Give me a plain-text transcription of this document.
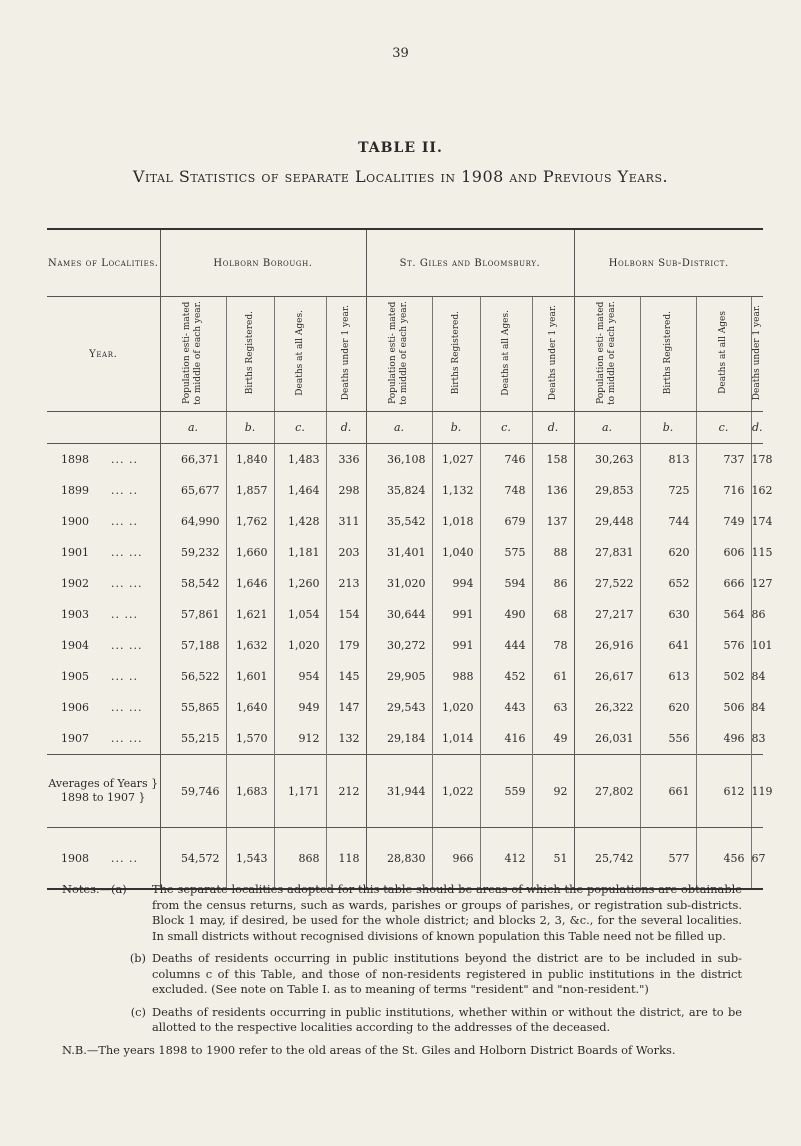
39
TABLE II.
Vital Statistics of separate Localities in 1908 and Previous Years.

Names of Localities.	Holborn Borough.				St. Giles and Bloomsbury.				Holborn Sub-District.			
Year.	Population esti- mated to middle of each year.	Births Registered.	Deaths at all Ages.	Deaths under 1 year.	Population esti- mated to middle of each year.	Births Registered.	Deaths at all Ages.	Deaths under 1 year.	Population esti- mated to middle of each year.	Births Registered.	Deaths at all Ages	Deaths under 1 year.
	a.	b.	c.	d.	a.	b.	c.	d.	a.	b.	c.	d.
1898 ... ..	66,371	1,840	1,483	336	36,108	1,027	746	158	30,263	813	737	178
1899 ... ..	65,677	1,857	1,464	298	35,824	1,132	748	136	29,853	725	716	162
1900 ... ..	64,990	1,762	1,428	311	35,542	1,018	679	137	29,448	744	749	174
1901 ... ...	59,232	1,660	1,181	203	31,401	1,040	575	88	27,831	620	606	115
1902 ... ...	58,542	1,646	1,260	213	31,020	994	594	86	27,522	652	666	127
1903 .. ...	57,861	1,621	1,054	154	30,644	991	490	68	27,217	630	564	86
1904 ... ...	57,188	1,632	1,020	179	30,272	991	444	78	26,916	641	576	101
1905 ... ..	56,522	1,601	954	145	29,905	988	452	61	26,617	613	502	84
1906 ... ...	55,865	1,640	949	147	29,543	1,020	443	63	26,322	620	506	84
1907 ... ...	55,215	1,570	912	132	29,184	1,014	416	49	26,031	556	496	83
Averages of Years }
1898 to 1907 }	59,746	1,683	1,171	212	31,944	1,022	559	92	27,802	661	612	119
1908 ... ..	54,572	1,543	868	118	28,830	966	412	51	25,742	577	456	67
Notes.—(a)	The separate localities adopted for this table should be areas of which the populations are obtainable from the census returns, such as wards, parishes or groups of parishes, or registration sub-districts. Block 1 may, if desired, be used for the whole district; and blocks 2, 3, &c., for the several localities. In small districts without recognised divisions of known population this Table need not be filled up.
(b) Deaths of residents occurring in public institutions beyond the district are to be included in sub-columns c of this Table, and those of non-residents registered in public institutions in the district excluded. (See note on Table I. as to meaning of terms "resident" and "non-resident.")
(c) Deaths of residents occurring in public institutions, whether within or without the district, are to be allotted to the respective localities according to the addresses of the deceased.
N.B.—The years 1898 to 1900 refer to the old areas of the St. Giles and Holborn District Boards of Works.
